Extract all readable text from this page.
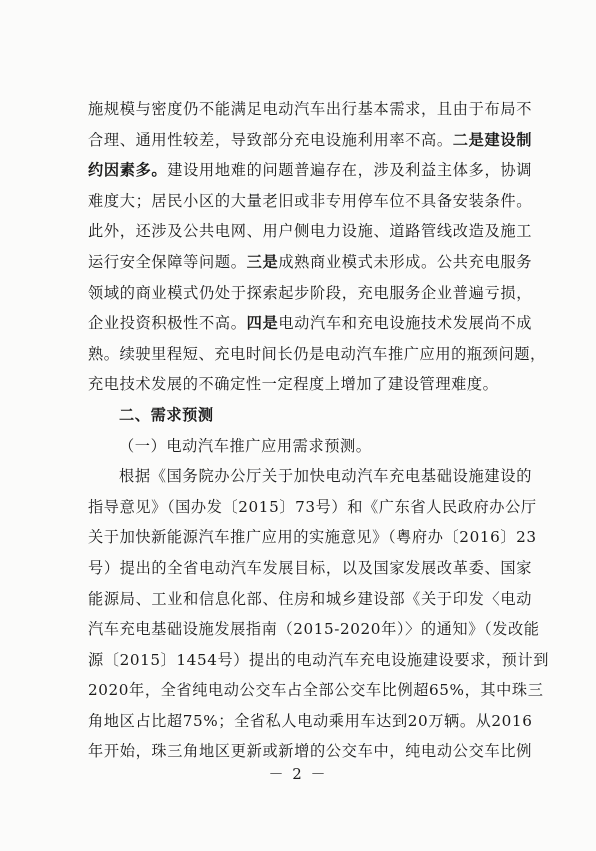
施规模与密度仍不能满足电动汽车出行基本需求，且由于布局不
合理、通用性较差，导致部分充电设施利用率不高。二是建设制
约因素多。建设用地难的问题普遍存在，涉及利益主体多，协调
难度大；居民小区的大量老旧或非专用停车位不具备安装条件。
此外，还涉及公共电网、用户侧电力设施、道路管线改造及施工
运行安全保障等问题。三是成熟商业模式未形成。公共充电服务
领域的商业模式仍处于探索起步阶段，充电服务企业普遍亏损，
企业投资积极性不高。四是电动汽车和充电设施技术发展尚不成
熟。续驶里程短、充电时间长仍是电动汽车推广应用的瓶颈问题，
充电技术发展的不确定性一定程度上增加了建设管理难度。
二、需求预测
（一）电动汽车推广应用需求预测。
根据《国务院办公厅关于加快电动汽车充电基础设施建设的
指导意见》（国办发〔2015〕73号）和《广东省人民政府办公厅
关于加快新能源汽车推广应用的实施意见》（粤府办〔2016〕23
号）提出的全省电动汽车发展目标，以及国家发展改革委、国家
能源局、工业和信息化部、住房和城乡建设部《关于印发〈电动
汽车充电基础设施发展指南（2015-2020年）〉的通知》（发改能
源〔2015〕1454号）提出的电动汽车充电设施建设要求，预计到
2020年，全省纯电动公交车占全部公交车比例超65%，其中珠三
角地区占比超75%；全省私人电动乘用车达到20万辆。从2016
年开始，珠三角地区更新或新增的公交车中，纯电动公交车比例
－ 2 －
